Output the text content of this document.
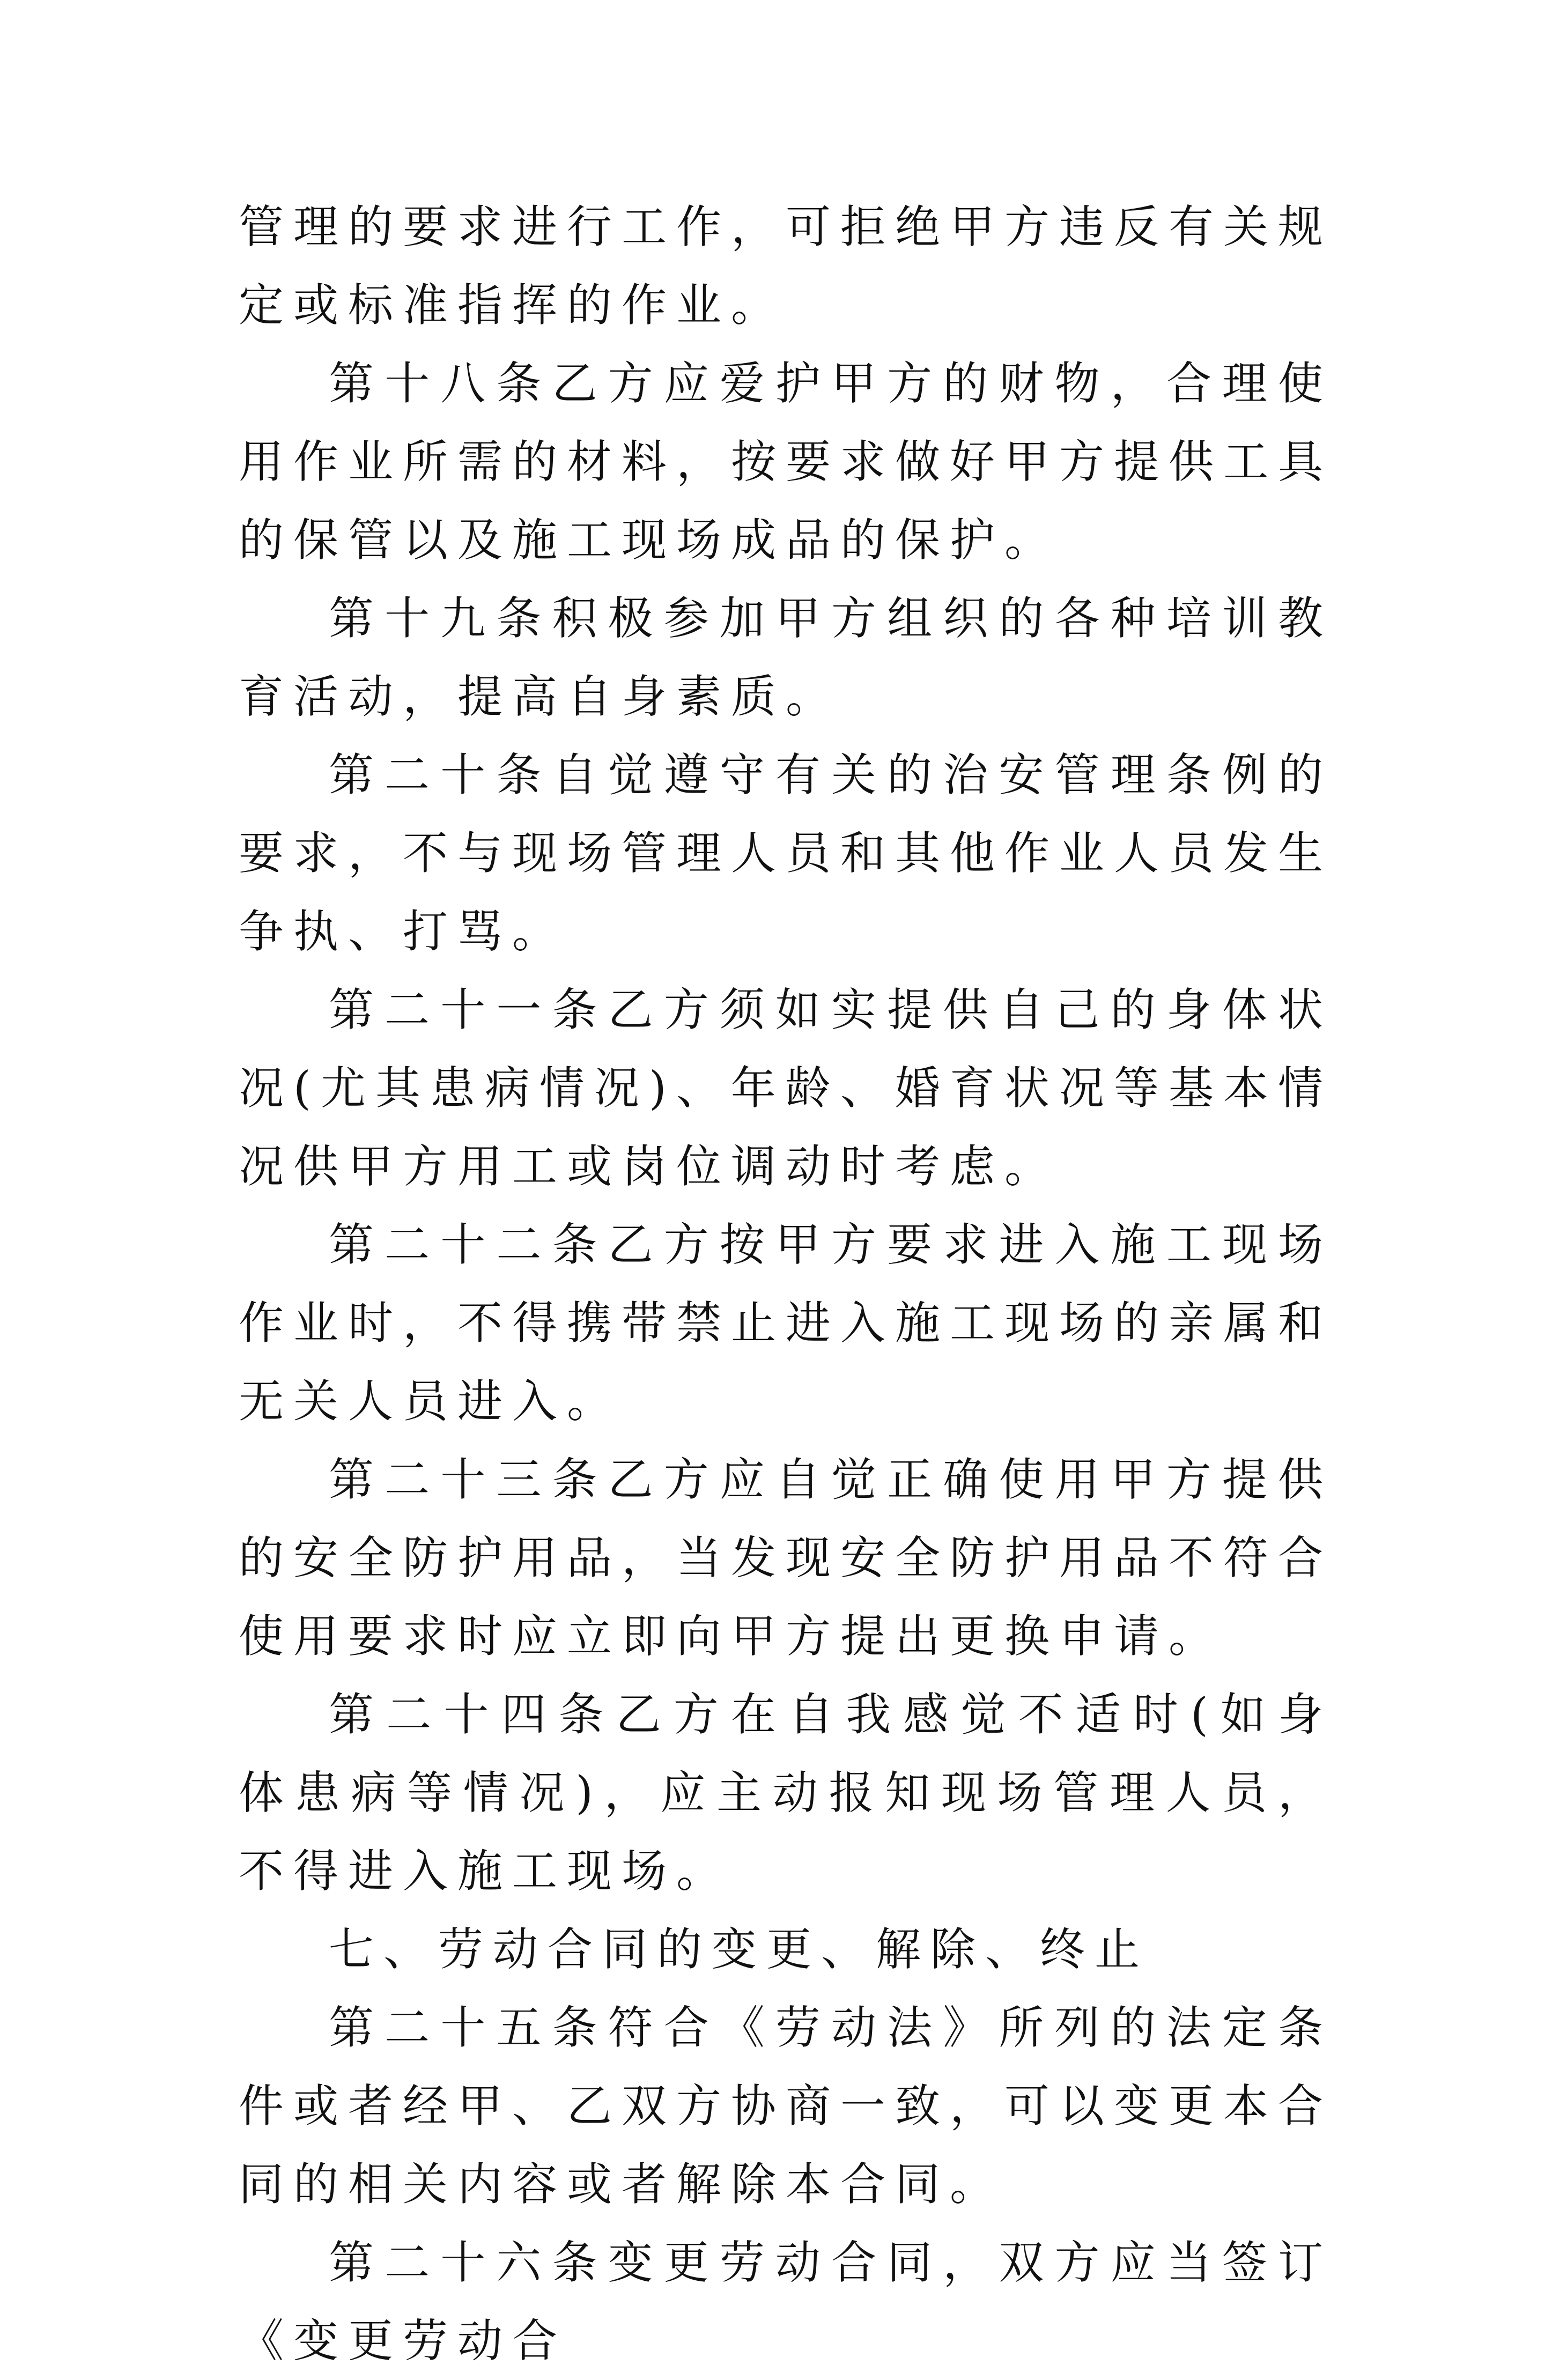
管理的要求进行工作，可拒绝甲方违反有关规定或标准指挥的作业。

第十八条乙方应爱护甲方的财物，合理使用作业所需的材料，按要求做好甲方提供工具的保管以及施工现场成品的保护。

第十九条积极参加甲方组织的各种培训教育活动，提高自身素质。

第二十条自觉遵守有关的治安管理条例的要求，不与现场管理人员和其他作业人员发生争执、打骂。

第二十一条乙方须如实提供自己的身体状况(尤其患病情况)、年龄、婚育状况等基本情况供甲方用工或岗位调动时考虑。

第二十二条乙方按甲方要求进入施工现场作业时，不得携带禁止进入施工现场的亲属和无关人员进入。

第二十三条乙方应自觉正确使用甲方提供的安全防护用品，当发现安全防护用品不符合使用要求时应立即向甲方提出更换申请。

第二十四条乙方在自我感觉不适时(如身体患病等情况)，应主动报知现场管理人员，不得进入施工现场。

七、劳动合同的变更、解除、终止

第二十五条符合《劳动法》所列的法定条件或者经甲、乙双方协商一致，可以变更本合同的相关内容或者解除本合同。

第二十六条变更劳动合同，双方应当签订《变更劳动合
